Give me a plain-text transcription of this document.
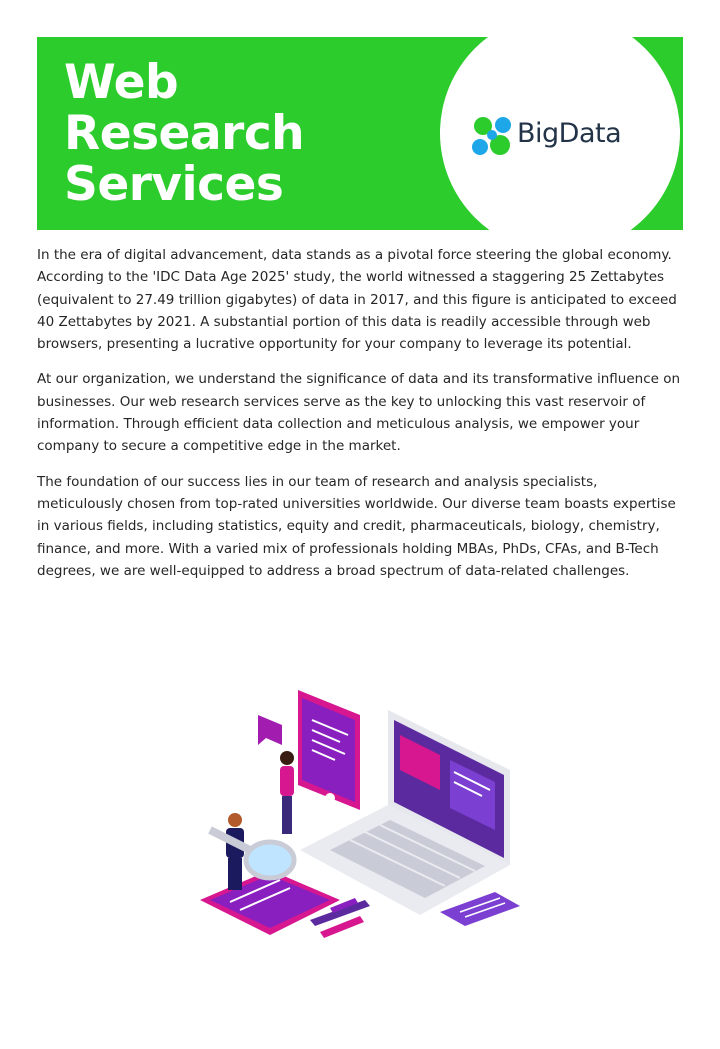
Web
Research
Services
BigData

In the era of digital advancement, data stands as a pivotal force steering the global economy. According to the 'IDC Data Age 2025' study, the world witnessed a staggering 25 Zettabytes (equivalent to 27.49 trillion gigabytes) of data in 2017, and this figure is anticipated to exceed 40 Zettabytes by 2021. A substantial portion of this data is readily accessible through web browsers, presenting a lucrative opportunity for your company to leverage its potential.

At our organization, we understand the significance of data and its transformative influence on businesses. Our web research services serve as the key to unlocking this vast reservoir of information. Through efficient data collection and meticulous analysis, we empower your company to secure a competitive edge in the market.

The foundation of our success lies in our team of research and analysis specialists, meticulously chosen from top-rated universities worldwide. Our diverse team boasts expertise in various fields, including statistics, equity and credit, pharmaceuticals, biology, chemistry, finance, and more. With a varied mix of professionals holding MBAs, PhDs, CFAs, and B-Tech degrees, we are well-equipped to address a broad spectrum of data-related challenges.
